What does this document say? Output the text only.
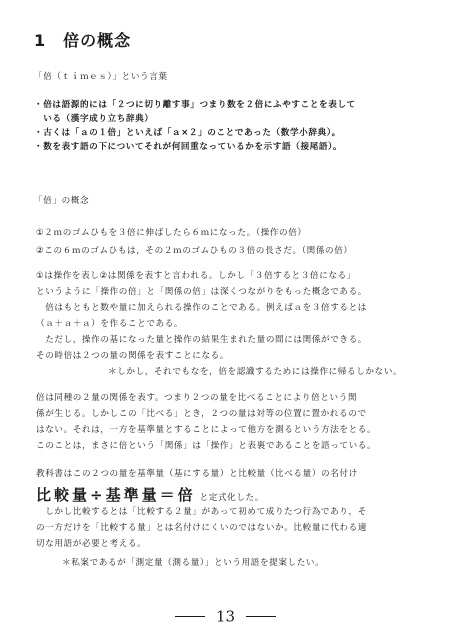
1　倍の概念
「倍（ｔｉｍｅｓ）」という言葉
・倍は語源的には「２つに切り離す事」つまり数を２倍にふやすことを表して
　いる（漢字成り立ち辞典）
・古くは「ａの１倍」といえば「ａ×２」のことであった（数学小辞典）。
・数を表す語の下についてそれが何回重なっているかを示す語（接尾語）。
「倍」の概念
①２ｍのゴムひもを３倍に伸ばしたら６ｍになった。（操作の倍）
②この６ｍのゴムひもは，その２ｍのゴムひもの３倍の長さだ。（関係の倍）
①は操作を表し②は関係を表すと言われる。しかし「３倍すると３倍になる」
というように「操作の倍」と「関係の倍」は深くつながりをもった概念である。
　倍はもともと数や量に加えられる操作のことである。例えばａを３倍するとは
（ａ＋ａ＋ａ）を作ることである。
　ただし，操作の基になった量と操作の結果生まれた量の間には関係ができる。
その時倍は２つの量の関係を表すことになる。
＊しかし，それでもなを，倍を認識するためには操作に帰るしかない。
倍は同種の２量の関係を表す。つまり２つの量を比べることにより倍という関
係が生じる。しかしこの「比べる」とき，２つの量は対等の位置に置かれるので
はない。それは，一方を基準量とすることによって他方を測るという方法をとる。
このことは，まさに倍という「関係」は「操作」と表裏であることを語っている。
教科書はこの２つの量を基準量（基にする量）と比較量（比べる量）の名付け
比較量÷基準量＝倍 と定式化した。
　しかし比較するとは「比較する２量」があって初めて成りたつ行為であり，そ
の一方だけを「比較する量」とは名付けにくいのではないか。比較量に代わる適
切な用語が必要と考える。
＊私案であるが「測定量（測る量）」という用語を提案したい。
13
